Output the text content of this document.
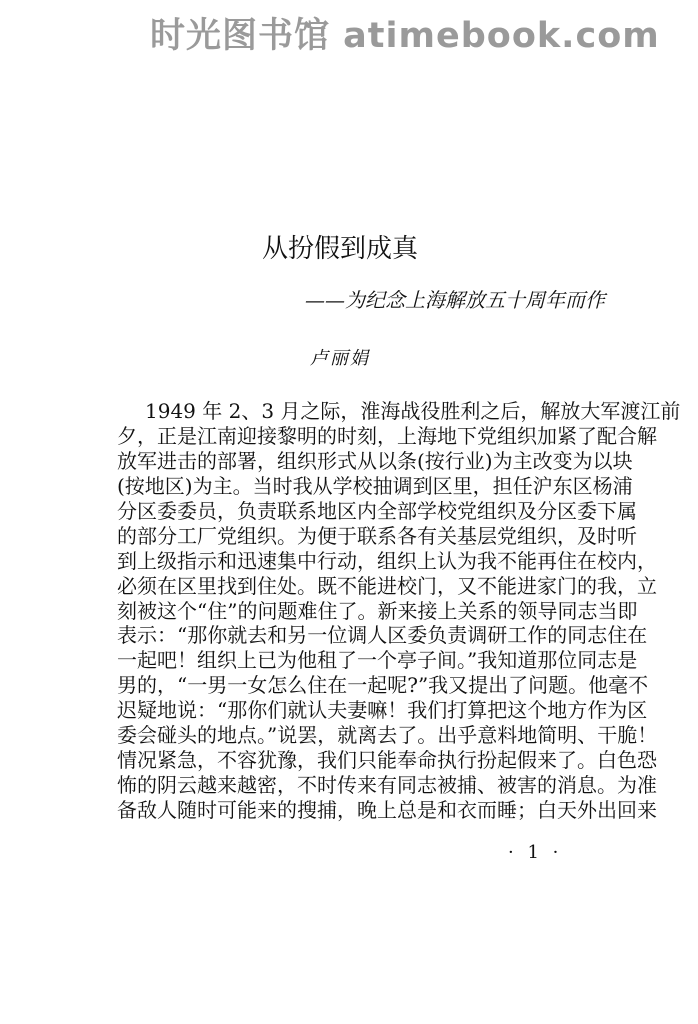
时光图书馆 atimebook.com
从扮假到成真
——为纪念上海解放五十周年而作
卢丽娟
1949 年 2、3 月之际，淮海战役胜利之后，解放大军渡江前
夕，正是江南迎接黎明的时刻，上海地下党组织加紧了配合解
放军进击的部署，组织形式从以条(按行业)为主改变为以块
(按地区)为主。当时我从学校抽调到区里，担任沪东区杨浦
分区委委员，负责联系地区内全部学校党组织及分区委下属
的部分工厂党组织。为便于联系各有关基层党组织，及时听
到上级指示和迅速集中行动，组织上认为我不能再住在校内，
必须在区里找到住处。既不能进校门，又不能进家门的我，立
刻被这个“住”的问题难住了。新来接上关系的领导同志当即
表示：“那你就去和另一位调人区委负责调研工作的同志住在
一起吧！组织上已为他租了一个亭子间。”我知道那位同志是
男的，“一男一女怎么住在一起呢?”我又提出了问题。他毫不
迟疑地说：“那你们就认夫妻嘛！我们打算把这个地方作为区
委会碰头的地点。”说罢，就离去了。出乎意料地简明、干脆！
情况紧急，不容犹豫，我们只能奉命执行扮起假来了。白色恐
怖的阴云越来越密，不时传来有同志被捕、被害的消息。为准
备敌人随时可能来的搜捕，晚上总是和衣而睡；白天外出回来
· 1 ·
